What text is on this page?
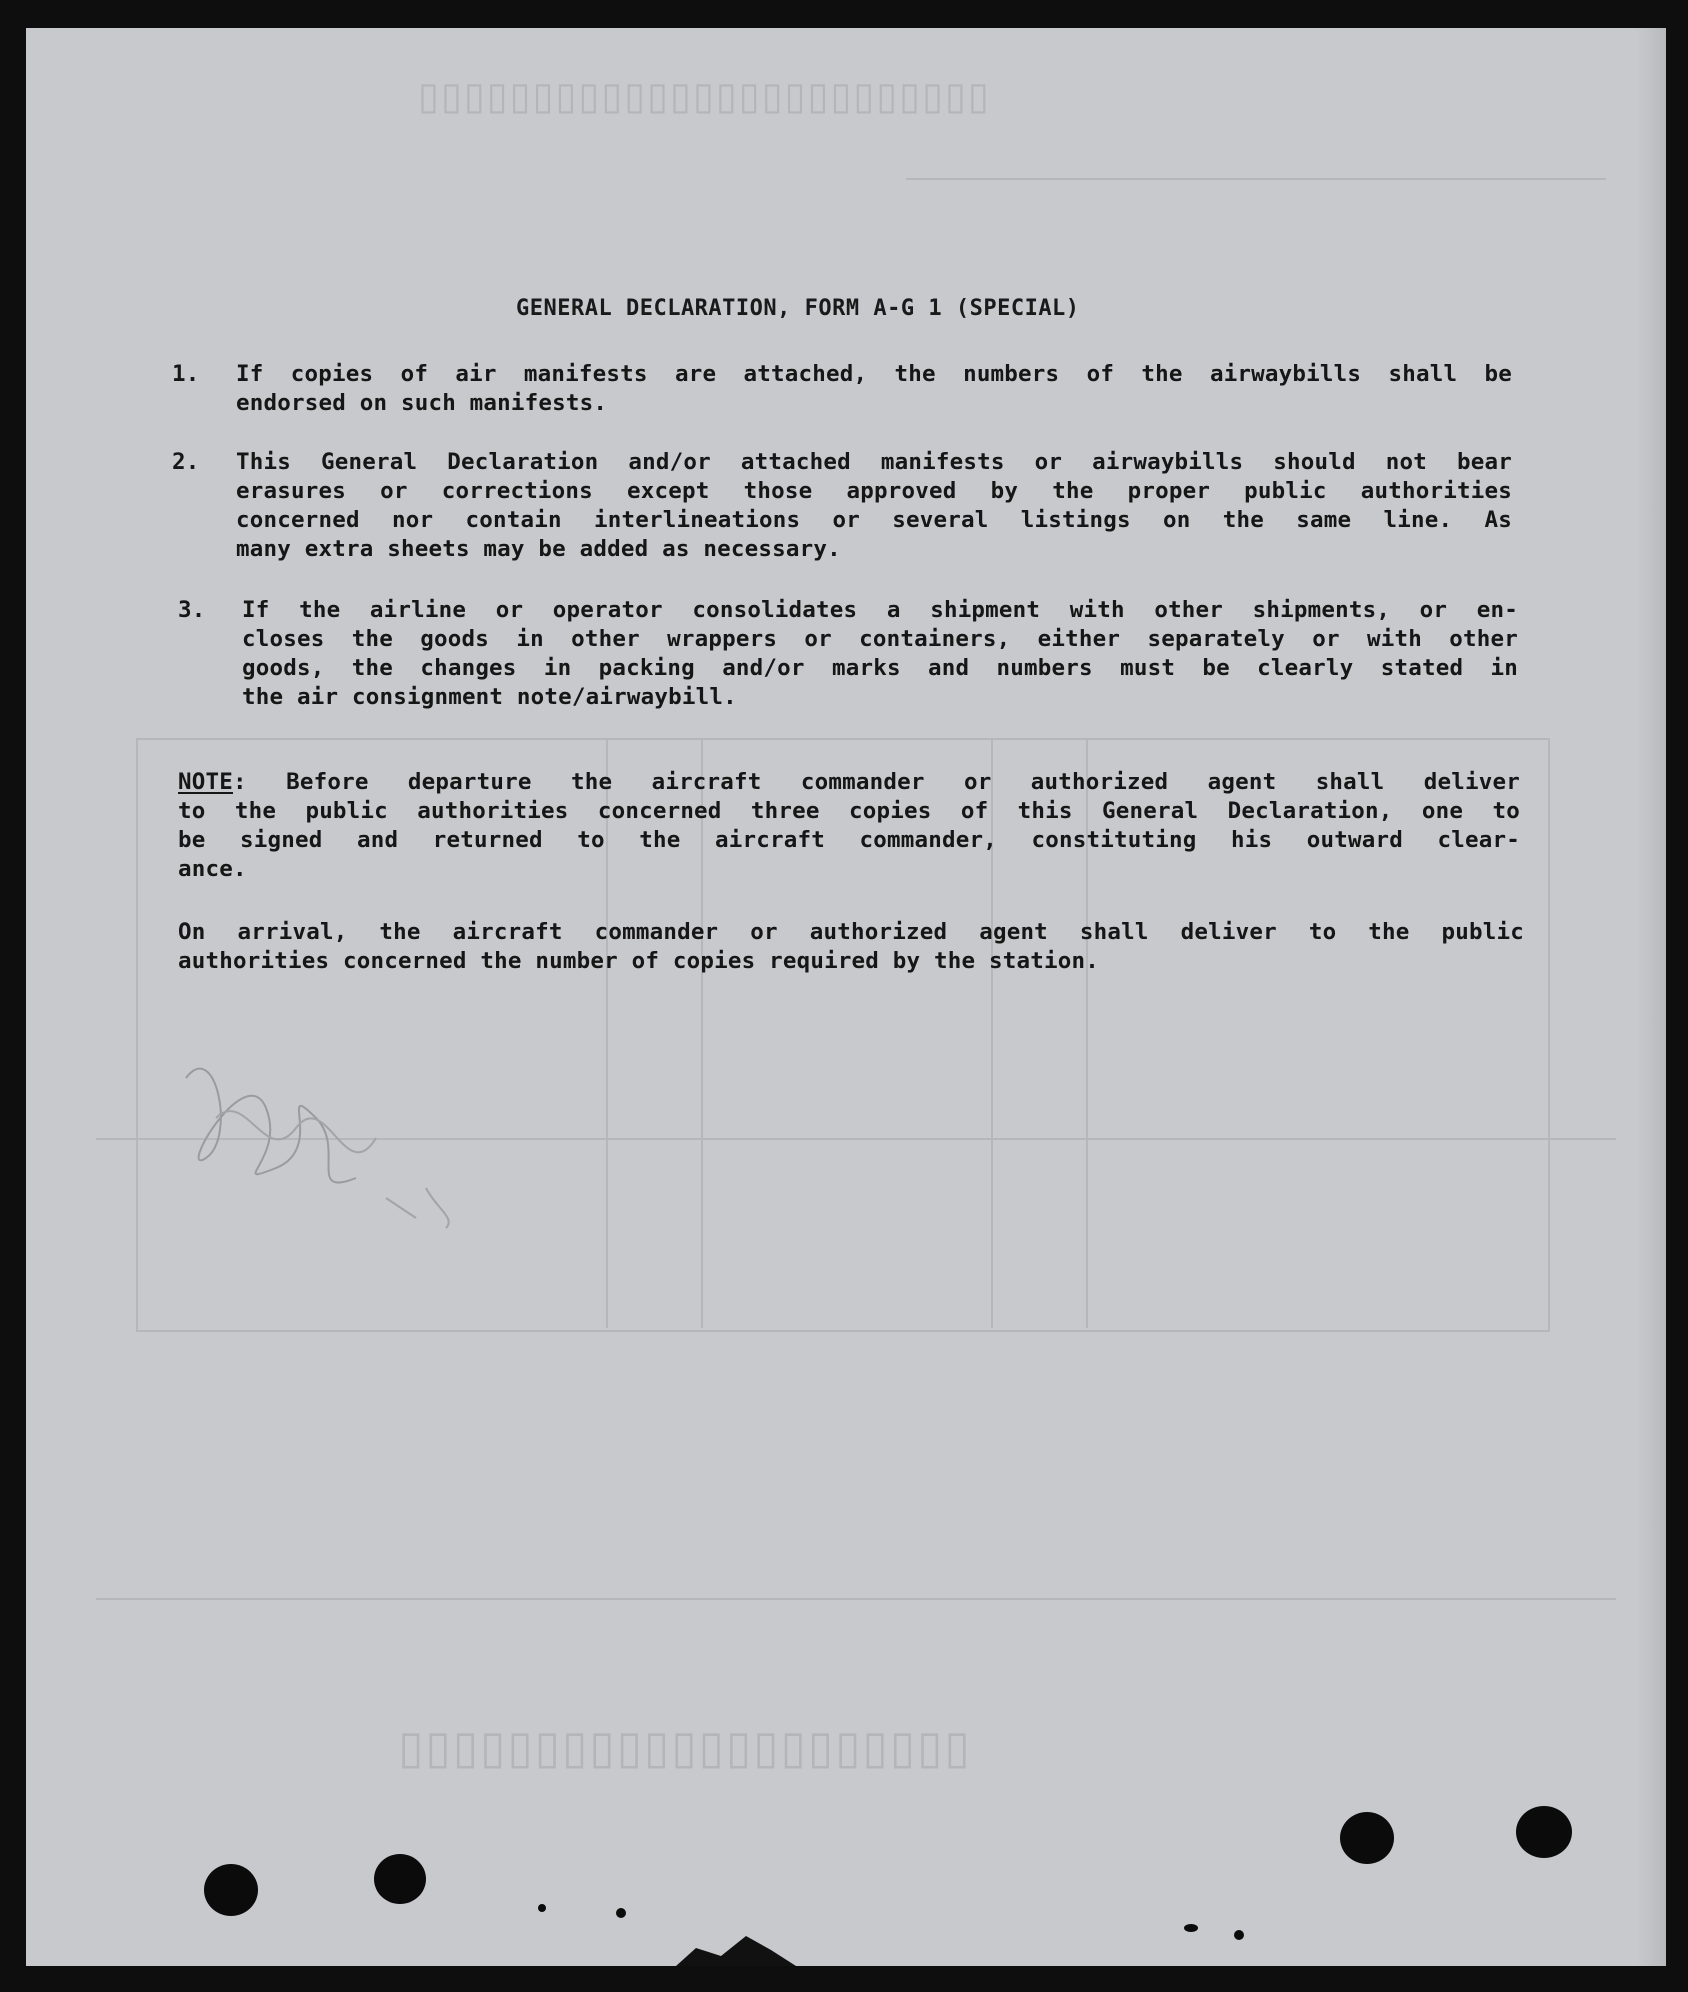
▯▯▯▯▯▯▯▯▯▯▯▯▯▯▯▯▯▯▯▯▯▯▯▯▯
▯▯▯▯▯▯▯▯▯▯▯▯▯▯▯▯▯▯▯▯▯
GENERAL DECLARATION, FORM A-G 1 (SPECIAL)
1. If copies of air manifests are attached, the numbers of the airwaybills shall be
endorsed on such manifests.
2. This General Declaration and/or attached manifests or airwaybills should not bear
erasures or corrections except those approved by the proper public authorities
concerned nor contain interlineations or several listings on the same line. As
many extra sheets may be added as necessary.
3. If the airline or operator consolidates a shipment with other shipments, or en-
closes the goods in other wrappers or containers, either separately or with other
goods, the changes in packing and/or marks and numbers must be clearly stated in
the air consignment note/airwaybill.
NOTE: Before departure the aircraft commander or authorized agent shall deliver
to the public authorities concerned three copies of this General Declaration, one to
be signed and returned to the aircraft commander, constituting his outward clear-
ance.
On arrival, the aircraft commander or authorized agent shall deliver to the public
authorities concerned the number of copies required by the station.
